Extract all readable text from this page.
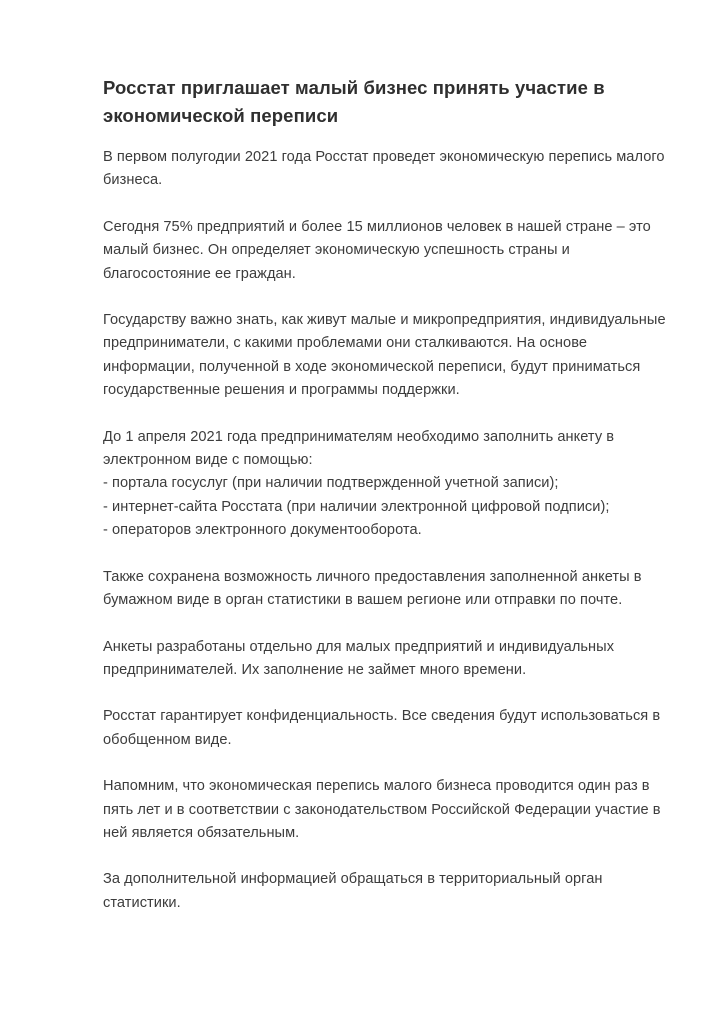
Росстат приглашает малый бизнес принять участие в
экономической переписи
В первом полугодии 2021 года Росстат проведет экономическую перепись малого
бизнеса.
Сегодня 75% предприятий и более 15 миллионов человек в нашей стране – это
малый бизнес. Он определяет экономическую успешность страны и
благосостояние ее граждан.
Государству важно знать, как живут малые и микропредприятия, индивидуальные
предприниматели, с какими проблемами они сталкиваются. На основе
информации, полученной в ходе экономической переписи, будут приниматься
государственные решения и программы поддержки.
До 1 апреля 2021 года предпринимателям необходимо заполнить анкету в
электронном виде с помощью:
- портала госуслуг (при наличии подтвержденной учетной записи);
- интернет-сайта Росстата (при наличии электронной цифровой подписи);
- операторов электронного документооборота.
Также сохранена возможность личного предоставления заполненной анкеты в
бумажном виде в орган статистики в вашем регионе или отправки по почте.
Анкеты разработаны отдельно для малых предприятий и индивидуальных
предпринимателей. Их заполнение не займет много времени.
Росстат гарантирует конфиденциальность. Все сведения будут использоваться в
обобщенном виде.
Напомним, что экономическая перепись малого бизнеса проводится один раз в
пять лет и в соответствии с законодательством Российской Федерации участие в
ней является обязательным.
За дополнительной информацией обращаться в территориальный орган
статистики.
